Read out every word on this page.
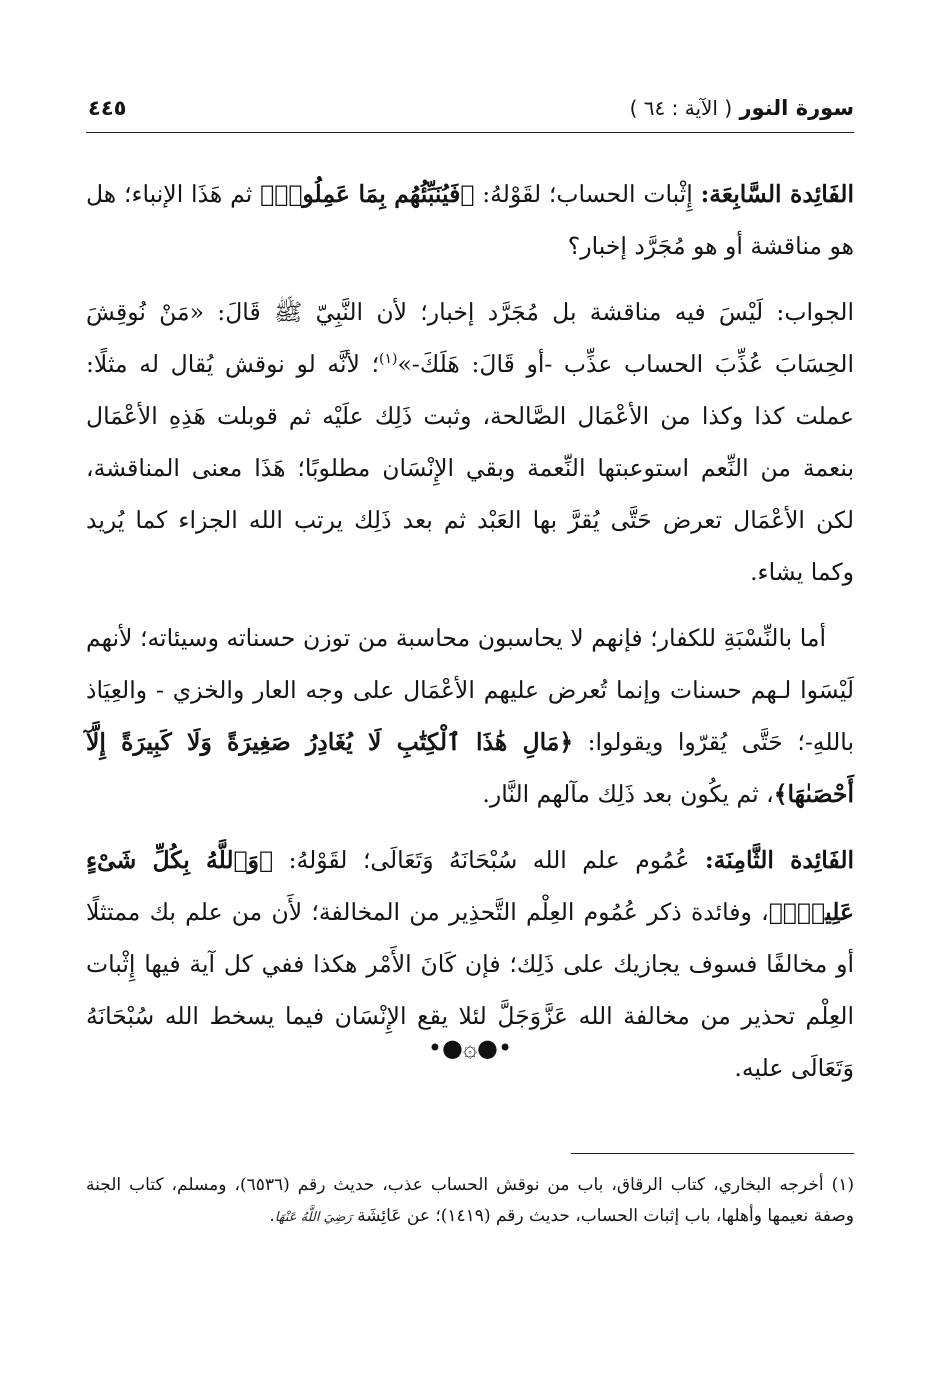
سورة النور ( الآية : ٦٤ )
٤٤٥

الفَائِدة السَّابِعَة: إِثْبات الحساب؛ لقَوْلهُ: ﴿فَيُنَبِّئُهُم بِمَا عَمِلُوا۟﴾ ثم هَذَا الإنباء؛ هل هو مناقشة أو هو مُجَرَّد إخبار؟

الجواب: لَيْسَ فيه مناقشة بل مُجَرَّد إخبار؛ لأن النَّبِيّ ﷺ قَالَ: «مَنْ نُوقِشَ الحِسَابَ عُذِّبَ الحساب عذِّب -أو قَالَ: هَلَكَ-»$^{(١)}$؛ لأنَّه لو نوقش يُقال له مثلًا: عملت كذا وكذا من الأعْمَال الصَّالحة، وثبت ذَلِك علَيْه ثم قوبلت هَذِهِ الأعْمَال بنعمة من النِّعم استوعبتها النِّعمة وبقي الإِنْسَان مطلوبًا؛ هَذَا معنى المناقشة، لكن الأعْمَال تعرض حَتَّى يُقرَّ بها العَبْد ثم بعد ذَلِك يرتب الله الجزاء كما يُريد وكما يشاء.

أما بالنِّسْبَةِ للكفار؛ فإنهم لا يحاسبون محاسبة من توزن حسناته وسيئاته؛ لأنهم لَيْسَوا لـهم حسنات وإنما تُعرض عليهم الأعْمَال على وجه العار والخزي - والعِيَاذ باللهِ-؛ حَتَّى يُقرّوا ويقولوا: ﴿مَالِ هَٰذَا ٱلْكِتَٰبِ لَا يُغَادِرُ صَغِيرَةً وَلَا كَبِيرَةً إِلَّآ أَحْصَىٰهَا﴾، ثم يكُون بعد ذَلِك مآلهم النَّار.

الفَائِدة الثَّامِنَة: عُمُوم علم الله سُبْحَانَهُ وَتَعَالَى؛ لقَوْلهُ: ﴿وَٱللَّهُ بِكُلِّ شَىْءٍ عَلِيمٌۢ﴾، وفائدة ذكر عُمُوم العِلْم التَّحذِير من المخالفة؛ لأَن من علم بك ممتثلًا أو مخالفًا فسوف يجازيك على ذَلِك؛ فإن كَانَ الأَمْر هكذا ففي كل آية فيها إِثْبات العِلْم تحذير من مخالفة الله عَزَّوَجَلَّ لئلا يقع الإِنْسَان فيما يسخط الله سُبْحَانَهُ وَتَعَالَى عليه.

•●۞●•

(١) أخرجه البخاري، كتاب الرقاق، باب من نوقش الحساب عذب، حديث رقم (٦٥٣٦)، ومسلم، كتاب الجنة وصفة نعيمها وأهلها، باب إثبات الحساب، حديث رقم (١٤١٩)؛ عن عَائِشَة رَضِيَ اللَّهُ عَنْهَا.
